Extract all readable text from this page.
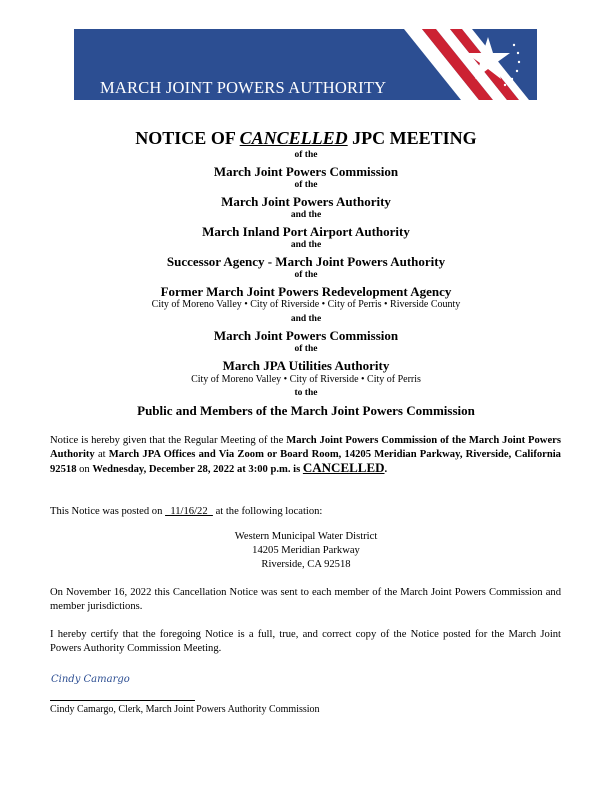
MARCH JOINT POWERS AUTHORITY
NOTICE OF CANCELLED JPC MEETING
of the
March Joint Powers Commission
of the
March Joint Powers Authority
and the
March Inland Port Airport Authority
and the
Successor Agency - March Joint Powers Authority
of the
Former March Joint Powers Redevelopment Agency
City of Moreno Valley • City of Riverside • City of Perris • Riverside County
and the
March Joint Powers Commission
of the
March JPA Utilities Authority
City of Moreno Valley • City of Riverside • City of Perris
to the
Public and Members of the March Joint Powers Commission
Notice is hereby given that the Regular Meeting of the March Joint Powers Commission of the March Joint Powers Authority at March JPA Offices and Via Zoom or Board Room, 14205 Meridian Parkway, Riverside, California 92518 on Wednesday, December 28, 2022 at 3:00 p.m. is CANCELLED.
This Notice was posted on   11/16/22   at the following location:
Western Municipal Water District
14205 Meridian Parkway
Riverside, CA 92518
On November 16, 2022 this Cancellation Notice was sent to each member of the March Joint Powers Commission and member jurisdictions.
I hereby certify that the foregoing Notice is a full, true, and correct copy of the Notice posted for the March Joint Powers Authority Commission Meeting.
Cindy Camargo
Cindy Camargo, Clerk, March Joint Powers Authority Commission
